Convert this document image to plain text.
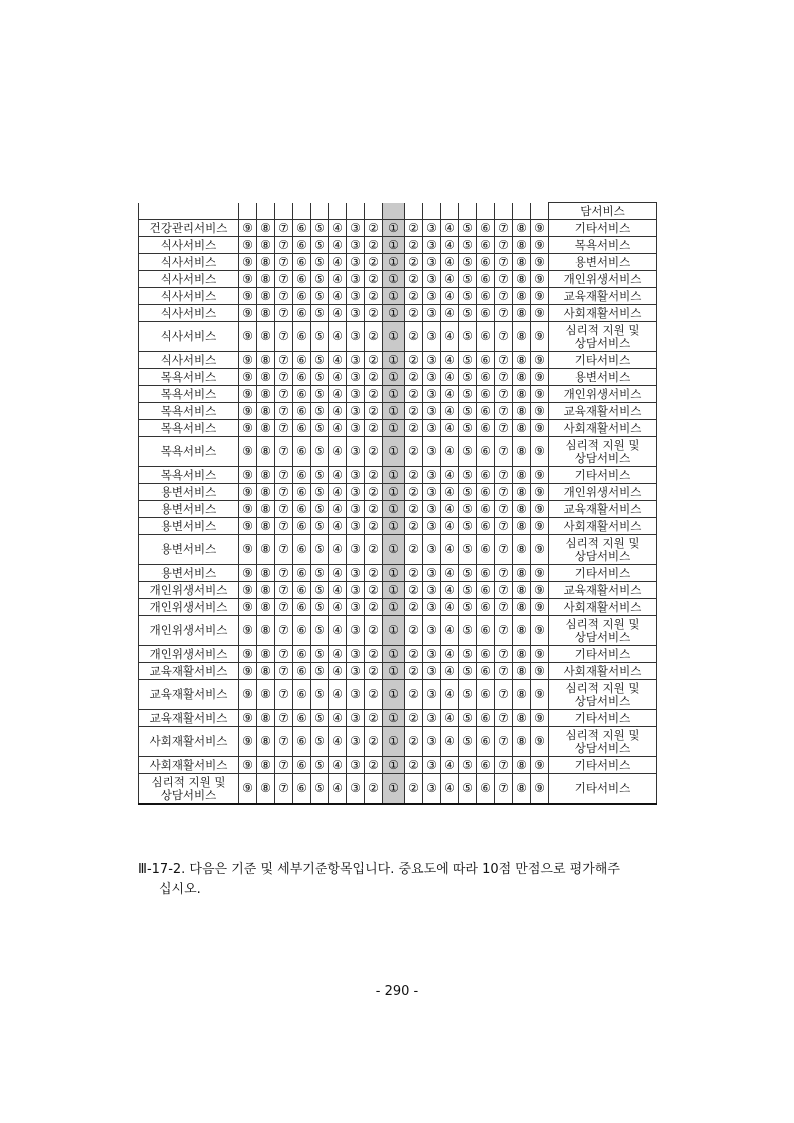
																		담서비스
건강관리서비스	⑨	⑧	⑦	⑥	⑤	④	③	②	①	②	③	④	⑤	⑥	⑦	⑧	⑨	기타서비스
식사서비스	⑨	⑧	⑦	⑥	⑤	④	③	②	①	②	③	④	⑤	⑥	⑦	⑧	⑨	목욕서비스
식사서비스	⑨	⑧	⑦	⑥	⑤	④	③	②	①	②	③	④	⑤	⑥	⑦	⑧	⑨	용변서비스
식사서비스	⑨	⑧	⑦	⑥	⑤	④	③	②	①	②	③	④	⑤	⑥	⑦	⑧	⑨	개인위생서비스
식사서비스	⑨	⑧	⑦	⑥	⑤	④	③	②	①	②	③	④	⑤	⑥	⑦	⑧	⑨	교육재활서비스
식사서비스	⑨	⑧	⑦	⑥	⑤	④	③	②	①	②	③	④	⑤	⑥	⑦	⑧	⑨	사회재활서비스
식사서비스	⑨	⑧	⑦	⑥	⑤	④	③	②	①	②	③	④	⑤	⑥	⑦	⑧	⑨	심리적 지원 및 상담서비스
식사서비스	⑨	⑧	⑦	⑥	⑤	④	③	②	①	②	③	④	⑤	⑥	⑦	⑧	⑨	기타서비스
목욕서비스	⑨	⑧	⑦	⑥	⑤	④	③	②	①	②	③	④	⑤	⑥	⑦	⑧	⑨	용변서비스
목욕서비스	⑨	⑧	⑦	⑥	⑤	④	③	②	①	②	③	④	⑤	⑥	⑦	⑧	⑨	개인위생서비스
목욕서비스	⑨	⑧	⑦	⑥	⑤	④	③	②	①	②	③	④	⑤	⑥	⑦	⑧	⑨	교육재활서비스
목욕서비스	⑨	⑧	⑦	⑥	⑤	④	③	②	①	②	③	④	⑤	⑥	⑦	⑧	⑨	사회재활서비스
목욕서비스	⑨	⑧	⑦	⑥	⑤	④	③	②	①	②	③	④	⑤	⑥	⑦	⑧	⑨	심리적 지원 및 상담서비스
목욕서비스	⑨	⑧	⑦	⑥	⑤	④	③	②	①	②	③	④	⑤	⑥	⑦	⑧	⑨	기타서비스
용변서비스	⑨	⑧	⑦	⑥	⑤	④	③	②	①	②	③	④	⑤	⑥	⑦	⑧	⑨	개인위생서비스
용변서비스	⑨	⑧	⑦	⑥	⑤	④	③	②	①	②	③	④	⑤	⑥	⑦	⑧	⑨	교육재활서비스
용변서비스	⑨	⑧	⑦	⑥	⑤	④	③	②	①	②	③	④	⑤	⑥	⑦	⑧	⑨	사회재활서비스
용변서비스	⑨	⑧	⑦	⑥	⑤	④	③	②	①	②	③	④	⑤	⑥	⑦	⑧	⑨	심리적 지원 및 상담서비스
용변서비스	⑨	⑧	⑦	⑥	⑤	④	③	②	①	②	③	④	⑤	⑥	⑦	⑧	⑨	기타서비스
개인위생서비스	⑨	⑧	⑦	⑥	⑤	④	③	②	①	②	③	④	⑤	⑥	⑦	⑧	⑨	교육재활서비스
개인위생서비스	⑨	⑧	⑦	⑥	⑤	④	③	②	①	②	③	④	⑤	⑥	⑦	⑧	⑨	사회재활서비스
개인위생서비스	⑨	⑧	⑦	⑥	⑤	④	③	②	①	②	③	④	⑤	⑥	⑦	⑧	⑨	심리적 지원 및 상담서비스
개인위생서비스	⑨	⑧	⑦	⑥	⑤	④	③	②	①	②	③	④	⑤	⑥	⑦	⑧	⑨	기타서비스
교육재활서비스	⑨	⑧	⑦	⑥	⑤	④	③	②	①	②	③	④	⑤	⑥	⑦	⑧	⑨	사회재활서비스
교육재활서비스	⑨	⑧	⑦	⑥	⑤	④	③	②	①	②	③	④	⑤	⑥	⑦	⑧	⑨	심리적 지원 및 상담서비스
교육재활서비스	⑨	⑧	⑦	⑥	⑤	④	③	②	①	②	③	④	⑤	⑥	⑦	⑧	⑨	기타서비스
사회재활서비스	⑨	⑧	⑦	⑥	⑤	④	③	②	①	②	③	④	⑤	⑥	⑦	⑧	⑨	심리적 지원 및 상담서비스
사회재활서비스	⑨	⑧	⑦	⑥	⑤	④	③	②	①	②	③	④	⑤	⑥	⑦	⑧	⑨	기타서비스
심리적 지원 및 상담서비스	⑨	⑧	⑦	⑥	⑤	④	③	②	①	②	③	④	⑤	⑥	⑦	⑧	⑨	기타서비스
Ⅲ-17-2. 다음은 기준 및 세부기준항목입니다. 중요도에 따라 10점 만점으로 평가해주
십시오.
- 290 -
